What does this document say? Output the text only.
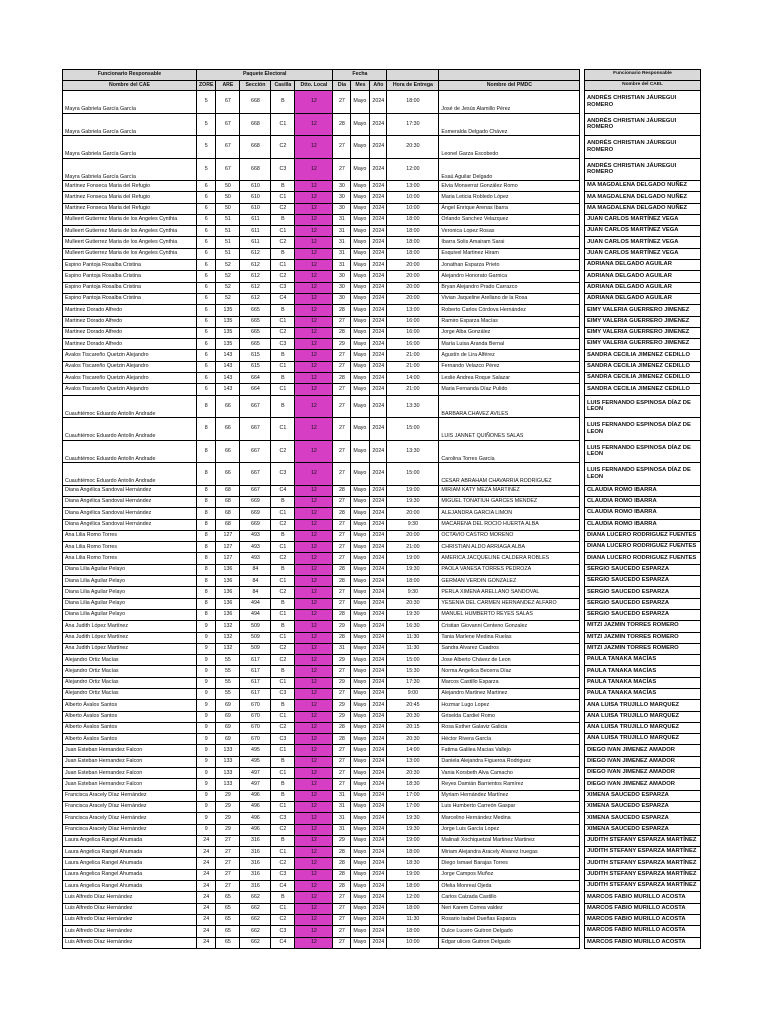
Funcionario Responsable	Paquete Electoral					Fecha				
Nombre del CAE	ZORE	ARE	Sección	Casilla	Dtto. Local	Día	Mes	Año	Hora de Entrega	Nombre del PMDC
Mayra Gabriela García García	5	67	668	B	12	27	Mayo	2024	18:00	José de Jesús Alamillo Pérez
Mayra Gabriela García García	5	67	668	C1	12	28	Mayo	2024	17:30	Esmeralda Delgado Chávez
Mayra Gabriela García García	5	67	668	C2	12	27	Mayo	2024	20:30	Leonel Garza Escobedo
Mayra Gabriela García García	5	67	668	C3	12	27	Mayo	2024	12:00	Esaú Aguilar Delgado
Martinez Fonseca Maria del Refugio	6	50	610	B	12	30	Mayo	2024	13:00	Elvia Monserrat González Romo
Martinez Fonseca Maria del Refugio	6	50	610	C1	12	30	Mayo	2024	10:00	Maria Leticia Robledo López
Martinez Fonseca Maria del Refugio	6	50	610	C2	12	30	Mayo	2024	10:00	Ángel Enrique Arenas Ibarra
Mulleert Gutierrez Maria de los Angeles Cynthia	6	51	611	B	12	31	Mayo	2024	18:00	Orlando Sanchez Velazquez
Mulleert Gutierrez Maria de los Angeles Cynthia	6	51	611	C1	12	31	Mayo	2024	18:00	Veronica Lopez Rosas
Mulleert Gutierrez Maria de los Angeles Cynthia	6	51	611	C2	12	31	Mayo	2024	18:00	Ibarra Solis Amairam Sarai
Mulleert Gutierrez Maria de los Angeles Cynthia	6	51	612	B	12	31	Mayo	2024	18:00	Esquivel Martinez Hiram
Espino Pantoja Rosalba Cristina	6	52	612	C1	12	31	Mayo	2024	20:00	Jonathan Esparza Prieto
Espino Pantoja Rosalba Cristina	6	52	612	C2	12	30	Mayo	2024	20:00	Alejandro Honorato Garnica
Espino Pantoja Rosalba Cristina	6	52	612	C3	12	30	Mayo	2024	20:00	Bryan Alejandro Prado Carrazco
Espino Pantoja Rosalba Cristina	6	52	612	C4	12	30	Mayo	2024	20:00	Vivian Jaqueline Arellano de la Rosa
Martinez Dorado Alfredo	6	135	665	B	12	28	Mayo	2024	13:00	Roberto Carlos Córdova Hernández
Martinez Dorado Alfredo	6	135	665	C1	12	27	Mayo	2024	16:00	Ramiro Esparza Macías
Martinez Dorado Alfredo	6	135	665	C2	12	28	Mayo	2024	16:00	Jorge Alba González
Martinez Dorado Alfredo	6	135	665	C3	12	29	Mayo	2024	16:00	María Luisa Aranda Bernal
Avalos Tiscareño Quetzin Alejandro	6	143	615	B	12	27	Mayo	2024	21:00	Agustín de Lira Alférez
Avalos Tiscareño Quetzin Alejandro	6	143	615	C1	12	27	Mayo	2024	21:00	Fernando Velazco Pérez
Avalos Tiscareño Quetzin Alejandro	6	143	664	B	12	28	Mayo	2024	14:00	Leslie Andrea Roque Salazar
Avalos Tiscareño Quetzin Alejandro	6	143	664	C1	12	27	Mayo	2024	21:00	Maria Fernanda Díaz Pulido
Cuauhtémoc Eduardo Antolín Andrade	8	66	667	B	12	27	Mayo	2024	13:30	BARBARA CHAVEZ AVILES
Cuauhtémoc Eduardo Antolín Andrade	8	66	667	C1	12	27	Mayo	2024	15:00	LUIS JANNET QUIÑONES SALAS
Cuauhtémoc Eduardo Antolín Andrade	8	66	667	C2	12	27	Mayo	2024	13:30	Carolina Torres García
Cuauhtémoc Eduardo Antolín Andrade	8	66	667	C3	12	27	Mayo	2024	15:00	CESAR ABRAHAM CHAVARRIA RODRIGUEZ
Diana Angélica Sandoval Hernández	8	68	667	C4	12	28	Mayo	2024	19:00	MIRIAM KATY MEZA MARTINEZ
Diana Angélica Sandoval Hernández	8	68	669	B	12	27	Mayo	2024	19:30	MIGUEL TONATIUH GARCES MENDEZ
Diana Angélica Sandoval Hernández	8	68	669	C1	12	28	Mayo	2024	20:00	ALEJANDRA GARCIA LIMON
Diana Angélica Sandoval Hernández	8	68	669	C2	12	27	Mayo	2024	9:30	MACARENA DEL ROCIO HUERTA ALBA
Ana Lilia Romo Torres	8	127	493	B	12	27	Mayo	2024	20:00	OCTAVIO CASTRO MORENO
Ana Lilia Romo Torres	8	127	493	C1	12	27	Mayo	2024	21:00	CHRISTIAN ALDO ARRIAGA ALBA
Ana Lilia Romo Torres	8	127	493	C2	12	27	Mayo	2024	19:00	AMERICA JACQUELINE CALDERA ROBLES
Diana Lilia Aguilar Pelayo	8	136	84	B	12	28	Mayo	2024	19:30	PAOLA VANESA TORRES PEDROZA
Diana Lilia Aguilar Pelayo	8	136	84	C1	12	28	Mayo	2024	18:00	GERMAN VERDIN GONZALEZ
Diana Lilia Aguilar Pelayo	8	136	84	C2	12	27	Mayo	2024	9:30	PERLA XIMENA ARELLANO SANDOVAL
Diana Lilia Aguilar Pelayo	8	136	494	B	12	27	Mayo	2024	20:30	YESENIA DEL CARMEN HERNANDEZ ALFARO
Diana Lilia Aguilar Pelayo	8	136	494	C1	12	28	Mayo	2024	19:30	MANUEL HUMBERTO REYES SALAS
Ana Judith López Martínez	9	132	509	B	12	29	Mayo	2024	16:30	Cristian Giovanni Centeno Gonzalez
Ana Judith López Martínez	9	132	509	C1	12	28	Mayo	2024	11:30	Tania Marlene Medina Ruelas
Ana Judith López Martínez	9	132	509	C2	12	31	Mayo	2024	11:30	Sandra Alvarez Cuadros
Alejandro Ortiz Macías	9	55	617	C2	12	29	Mayo	2024	15:00	Jose Alberto Chávez de Leon
Alejandro Ortiz Macías	9	55	617	B	12	27	Mayo	2024	15:30	Norma Angelica Becerra Díaz
Alejandro Ortiz Macías	9	55	617	C1	12	29	Mayo	2024	17:30	Marcos Castillo Esparza
Alejandro Ortiz Macías	9	55	617	C3	12	27	Mayo	2024	9:00	Alejandro Martinez Martinez
Alberto Ávalos Santos	9	69	670	B	12	29	Mayo	2024	20:45	Hozmar Lugo Lopez
Alberto Ávalos Santos	9	69	670	C1	12	29	Mayo	2024	20:30	Griselda Cardiel Romo
Alberto Ávalos Santos	9	69	670	C2	12	28	Mayo	2024	20:15	Rosa Esther Galaviz Galicia
Alberto Ávalos Santos	9	69	670	C3	12	28	Mayo	2024	20:30	Héctor Rivera García
Juan Esteban Hernandez Falcon	9	133	495	C1	12	27	Mayo	2024	14:00	Fatima Galilea Macias Vallejo
Juan Esteban Hernandez Falcon	9	133	495	B	12	27	Mayo	2024	13:00	Daniela Alejandra Figueroa Rodriguez
Juan Esteban Hernandez Falcon	9	133	497	C1	12	27	Mayo	2024	20:30	Vania Korsbeth Alva Camacho
Juan Esteban Hernandez Falcon	9	133	497	B	12	27	Mayo	2024	18:30	Reyes Damián Barrientos Ramírez
Francisca Aracely Díaz Hernández	9	29	496	B	12	31	Mayo	2024	17:00	Myriam Hernández Martínez
Francisca Aracely Díaz Hernández	9	29	496	C1	12	31	Mayo	2024	17:00	Luis Humberto Carreón Gaspar
Francisca Aracely Díaz Hernández	9	29	496	C3	12	31	Mayo	2024	19:30	Marcelino Hernández Medina
Francisca Aracely Díaz Hernández	9	29	496	C2	12	31	Mayo	2024	19:30	Jorge Luis García Lopez
Laura Angelica Rangel Ahumada	24	27	316	B	12	29	Mayo	2024	19:00	Malinali Xochiquetzal Martinez Martinez
Laura Angelica Rangel Ahumada	24	27	316	C1	12	28	Mayo	2024	18:00	Miriam Alejandra Aracely Alvarez Iruegas
Laura Angelica Rangel Ahumada	24	27	316	C2	12	28	Mayo	2024	18:30	Diego Ismael Barajas Torres
Laura Angelica Rangel Ahumada	24	27	316	C3	12	28	Mayo	2024	19:00	Jorge Campos Muñoz
Laura Angelica Rangel Ahumada	24	27	316	C4	12	28	Mayo	2024	18:00	Ofelia Monreal Ojeda
Luis Alfredo Díaz Hernández	24	65	662	B	12	27	Mayo	2024	12:00	Carlos Calzada Castillo
Luis Alfredo Díaz Hernández	24	65	662	C1	12	27	Mayo	2024	18:00	Neri Karem Correa valdez
Luis Alfredo Díaz Hernández	24	65	662	C2	12	27	Mayo	2024	11:30	Rosario Isabel Dueñas Esparza
Luis Alfredo Díaz Hernández	24	65	662	C3	12	27	Mayo	2024	18:00	Dulce Lucero Guitron Delgado
Luis Alfredo Díaz Hernández	24	65	662	C4	12	27	Mayo	2024	10:00	Edgar ulices Guitron Delgado
Funcionario Responsable
Nombre del CAEL
ANDRÉS CHRISTIAN JÁUREGUI ROMERO
ANDRÉS CHRISTIAN JÁUREGUI ROMERO
ANDRÉS CHRISTIAN JÁUREGUI ROMERO
ANDRÉS CHRISTIAN JÁUREGUI ROMERO
MA MAGDALENA DELGADO NUÑEZ
MA MAGDALENA DELGADO NUÑEZ
MA MAGDALENA DELGADO NUÑEZ
JUAN CARLOS MARTÍNEZ VEGA
JUAN CARLOS MARTÍNEZ VEGA
JUAN CARLOS MARTÍNEZ VEGA
JUAN CARLOS MARTÍNEZ VEGA
ADRIANA DELGADO AGUILAR
ADRIANA DELGADO AGUILAR
ADRIANA DELGADO AGUILAR
ADRIANA DELGADO AGUILAR
EIMY VALERIA GUERRERO JIMENEZ
EIMY VALERIA GUERRERO JIMENEZ
EIMY VALERIA GUERRERO JIMENEZ
EIMY VALERIA GUERRERO JIMENEZ
SANDRA CECILIA JIMENEZ CEDILLO
SANDRA CECILIA JIMENEZ CEDILLO
SANDRA CECILIA JIMENEZ CEDILLO
SANDRA CECILIA JIMENEZ CEDILLO
LUIS FERNANDO ESPINOSA DÍAZ DE LEON
LUIS FERNANDO ESPINOSA DÍAZ DE LEON
LUIS FERNANDO ESPINOSA DÍAZ DE LEON
LUIS FERNANDO ESPINOSA DÍAZ DE LEON
CLAUDIA ROMO IBARRA
CLAUDIA ROMO IBARRA
CLAUDIA ROMO IBARRA
CLAUDIA ROMO IBARRA
DIANA LUCERO RODRIGUEZ FUENTES
DIANA LUCERO RODRIGUEZ FUENTES
DIANA LUCERO RODRIGUEZ FUENTES
SERGIO SAUCEDO ESPARZA
SERGIO SAUCEDO ESPARZA
SERGIO SAUCEDO ESPARZA
SERGIO SAUCEDO ESPARZA
SERGIO SAUCEDO ESPARZA
MITZI JAZMIN TORRES ROMERO
MITZI JAZMIN TORRES ROMERO
MITZI JAZMIN TORRES ROMERO
PAULA TANAKA MACÍAS
PAULA TANAKA MACÍAS
PAULA TANAKA MACÍAS
PAULA TANAKA MACÍAS
ANA LUISA TRUJILLO MARQUEZ
ANA LUISA TRUJILLO MARQUEZ
ANA LUISA TRUJILLO MARQUEZ
ANA LUISA TRUJILLO MARQUEZ
DIEGO IVAN JIMENEZ AMADOR
DIEGO IVAN JIMENEZ AMADOR
DIEGO IVAN JIMENEZ AMADOR
DIEGO IVAN JIMENEZ AMADOR
XIMENA SAUCEDO ESPARZA
XIMENA SAUCEDO ESPARZA
XIMENA SAUCEDO ESPARZA
XIMENA SAUCEDO ESPARZA
JUDITH STEFANY ESPARZA MARTÍNEZ
JUDITH STEFANY ESPARZA MARTÍNEZ
JUDITH STEFANY ESPARZA MARTÍNEZ
JUDITH STEFANY ESPARZA MARTÍNEZ
JUDITH STEFANY ESPARZA MARTÍNEZ
MARCOS FABIO MURILLO ACOSTA
MARCOS FABIO MURILLO ACOSTA
MARCOS FABIO MURILLO ACOSTA
MARCOS FABIO MURILLO ACOSTA
MARCOS FABIO MURILLO ACOSTA
